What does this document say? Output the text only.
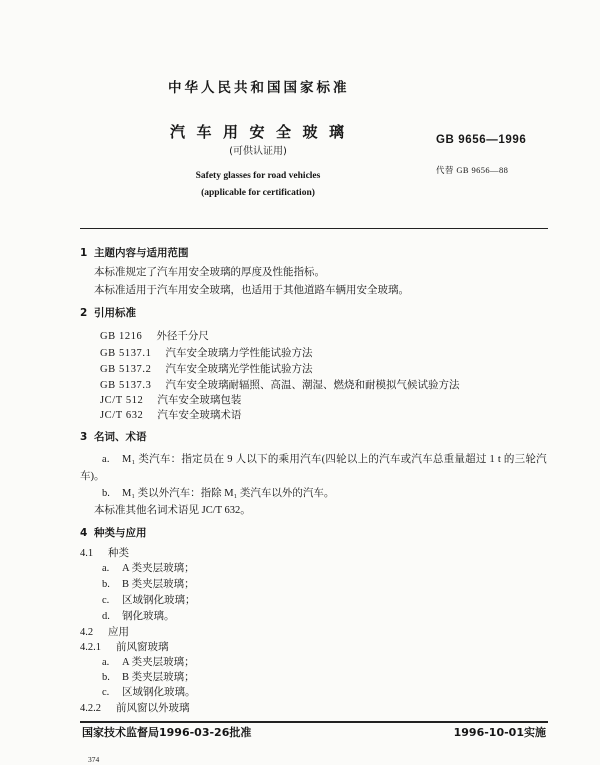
中华人民共和国国家标准
汽车用安全玻璃
(可供认证用)
GB 9656—1996
代替 GB 9656—88
Safety glasses for road vehicles
(applicable for certification)
1 主题内容与适用范围
本标准规定了汽车用安全玻璃的厚度及性能指标。
本标准适用于汽车用安全玻璃，也适用于其他道路车辆用安全玻璃。
2 引用标准
GB 1216 外径千分尺
GB 5137.1 汽车安全玻璃力学性能试验方法
GB 5137.2 汽车安全玻璃光学性能试验方法
GB 5137.3 汽车安全玻璃耐辐照、高温、潮湿、燃烧和耐模拟气候试验方法
JC/T 512 汽车安全玻璃包装
JC/T 632 汽车安全玻璃术语
3 名词、术语
a. M₁ 类汽车：指定员在 9 人以下的乘用汽车(四轮以上的汽车或汽车总重量超过 1 t 的三轮汽
车)。
b. M₁ 类以外汽车：指除 M₁ 类汽车以外的汽车。
本标准其他名词术语见 JC/T 632。
4 种类与应用
4.1 种类
a. A 类夹层玻璃；
b. B 类夹层玻璃；
c. 区域钢化玻璃；
d. 钢化玻璃。
4.2 应用
4.2.1 前风窗玻璃
a. A 类夹层玻璃；
b. B 类夹层玻璃；
c. 区域钢化玻璃。
4.2.2 前风窗以外玻璃
国家技术监督局1996-03-26批准	1996-10-01实施
374
